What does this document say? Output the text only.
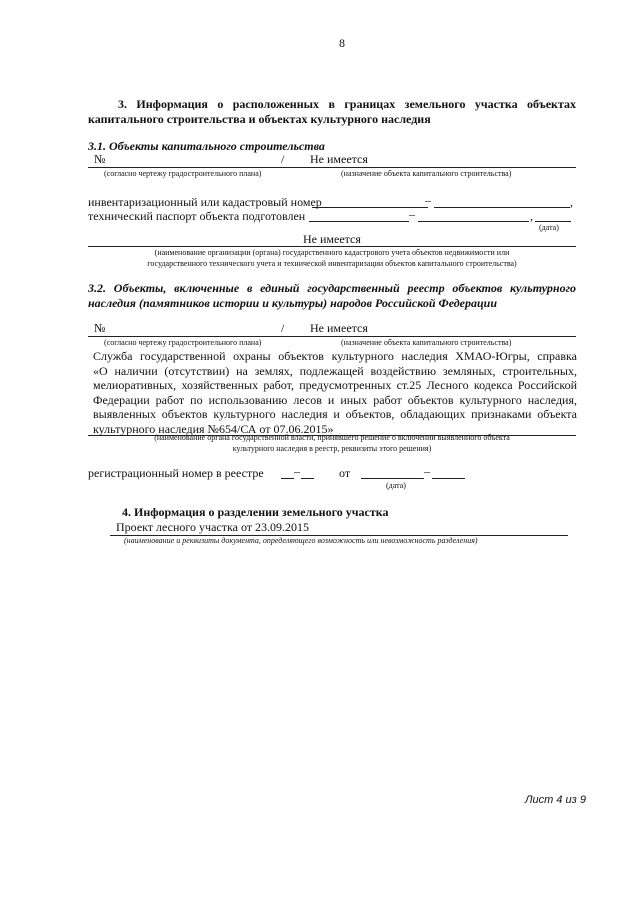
8
3. Информация о расположенных в границах земельного участка объектах
капитального строительства и объектах культурного наследия
3.1. Объекты капитального строительства
№	/ Не имеется
(согласно чертежу градостроительного плана)	(назначение объекта капитального строительства)
инвентаризационный или кадастровый номер	–	,
технический паспорт объекта подготовлен	–	,
(дата)
Не имеется
(наименование организации (органа) государственного кадастрового учета объектов недвижимости или
государственного технического учета и технической инвентаризации объектов капитального строительства)
3.2. Объекты, включенные в единый государственный реестр объектов культурного
наследия (памятников истории и культуры) народов Российской Федерации
№	/ Не имеется
(согласно чертежу градостроительного плана)	(назначение объекта капитального строительства)
Служба государственной охраны объектов культурного наследия ХМАО-Югры, справка
«О наличии (отсутствии) на землях, подлежащей воздействию земляных, строительных,
мелиоративных, хозяйственных работ, предусмотренных ст.25 Лесного кодекса Российской
Федерации работ по использованию лесов и иных работ объектов культурного наследия,
выявленных объектов культурного наследия и объектов, обладающих признаками объекта
культурного наследия №654/СА от 07.06.2015»
(наименование органа государственной власти, принявшего решение о включении выявленного объекта
культурного наследия в реестр, реквизиты этого решения)
регистрационный номер в реестре	–	от	–
(дата)
4. Информация о разделении земельного участка
Проект лесного участка от 23.09.2015
(наименование и реквизиты документа, определяющего возможность или невозможность разделения)
Лист 4 из 9
